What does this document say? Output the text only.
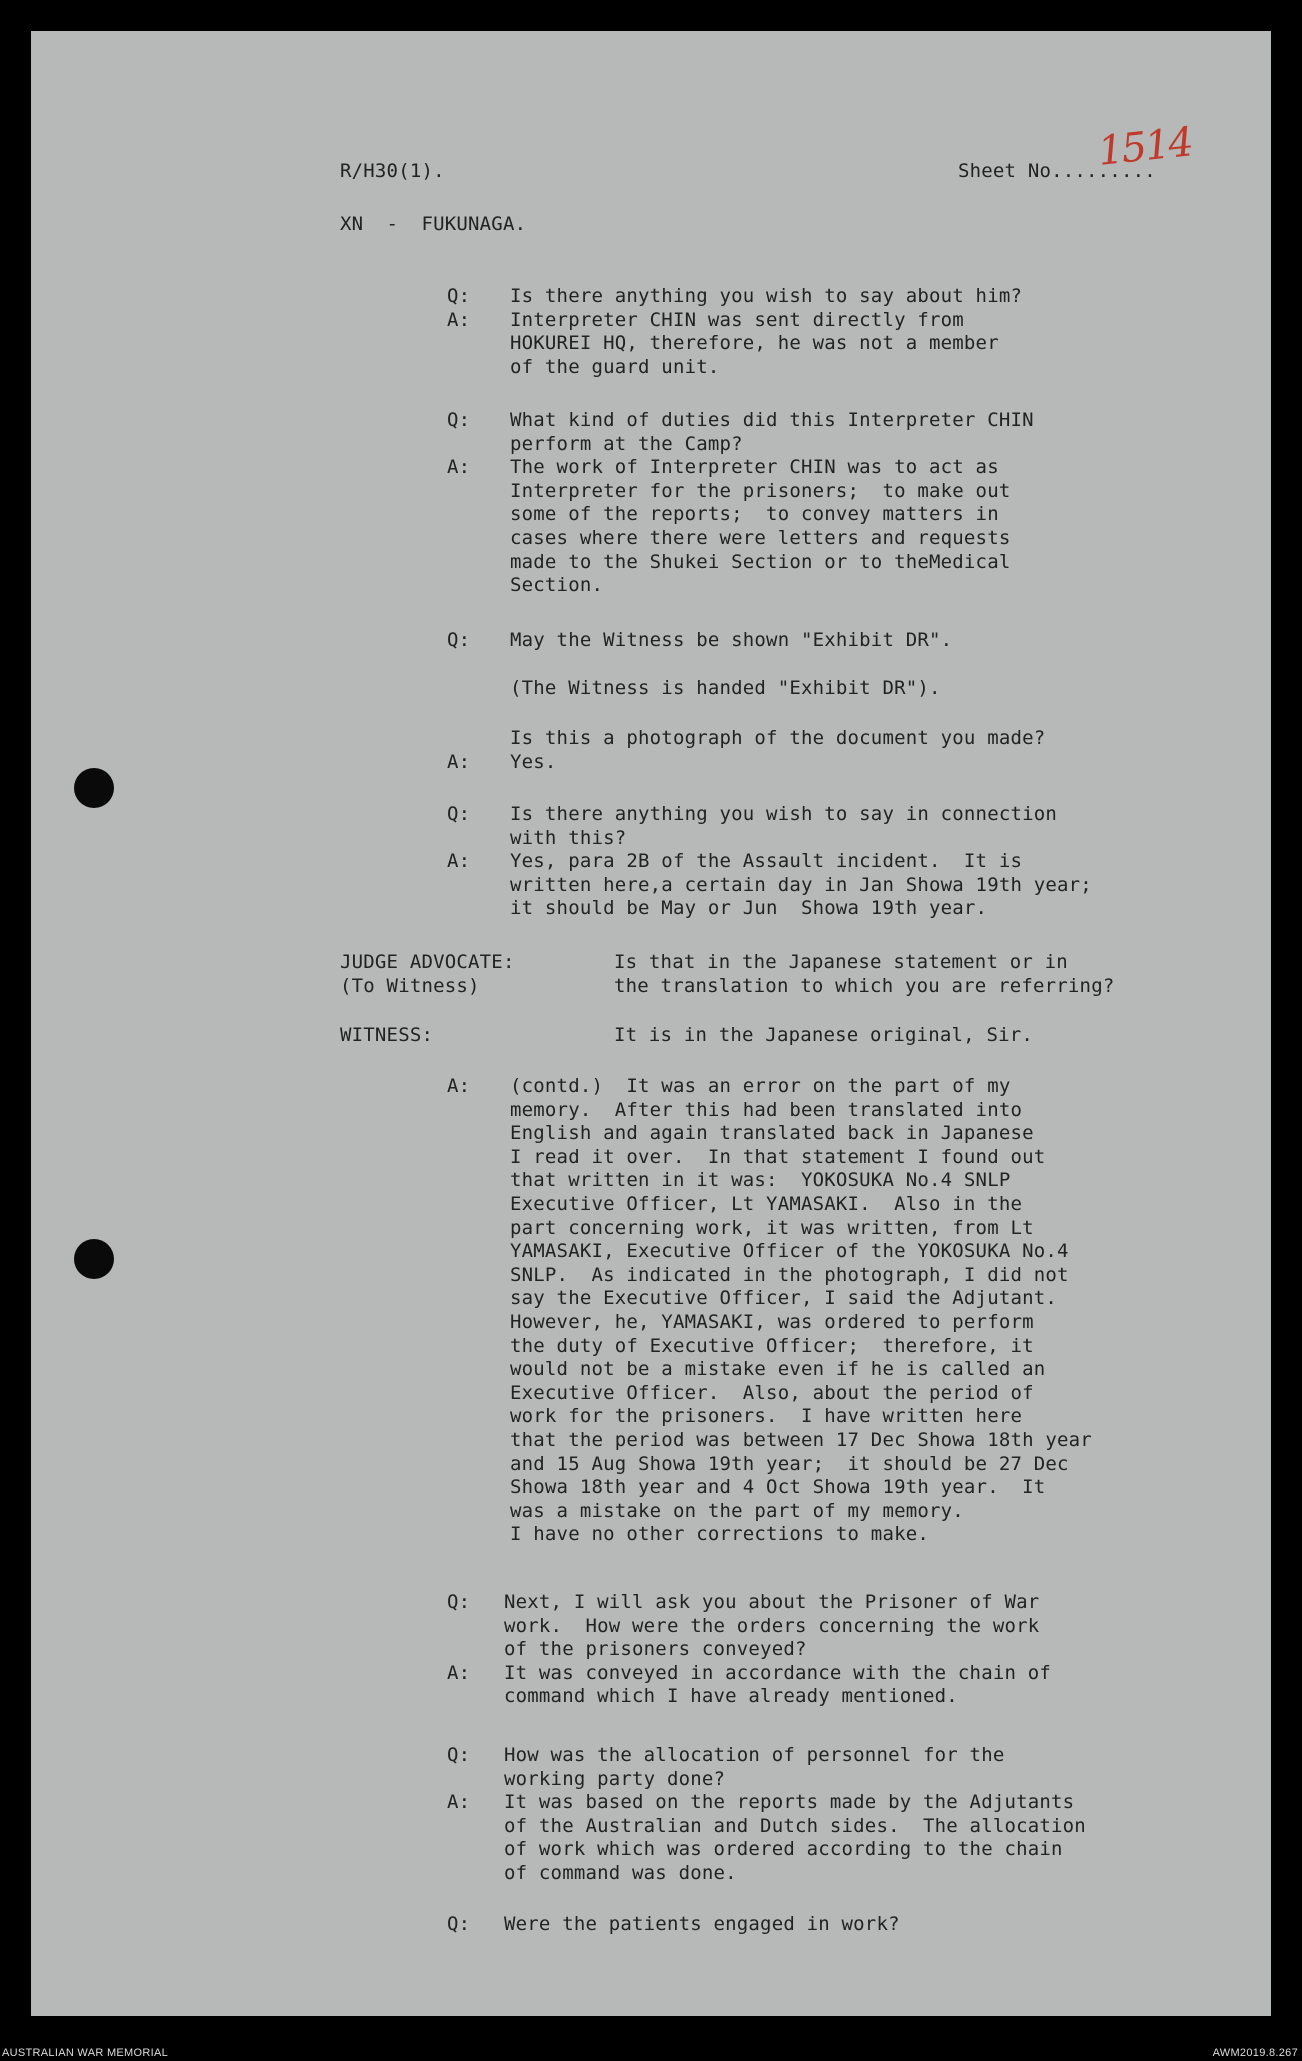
R/H30(1).	Sheet No.........

1514

XN  -  FUKUNAGA.

Q:
A:

Is there anything you wish to say about him?
Interpreter CHIN was sent directly from
HOKUREI HQ, therefore, he was not a member
of the guard unit.

Q:

A:

What kind of duties did this Interpreter CHIN
perform at the Camp?
The work of Interpreter CHIN was to act as
Interpreter for the prisoners;  to make out
some of the reports;  to convey matters in
cases where there were letters and requests
made to the Shukei Section or to theMedical
Section.

Q: May the Witness be shown "Exhibit DR".

(The Witness is handed "Exhibit DR").

Is this a photograph of the document you made?

A: Yes.

Q:

A:

Is there anything you wish to say in connection
with this?
Yes, para 2B of the Assault incident.  It is
written here,a certain day in Jan Showa 19th year;
it should be May or Jun  Showa 19th year.

JUDGE ADVOCATE:
(To Witness)

Is that in the Japanese statement or in
the translation to which you are referring?

WITNESS:	It is in the Japanese original, Sir.

A: (contd.)  It was an error on the part of my
memory.  After this had been translated into
English and again translated back in Japanese
I read it over.  In that statement I found out
that written in it was:  YOKOSUKA No.4 SNLP
Executive Officer, Lt YAMASAKI.  Also in the
part concerning work, it was written, from Lt
YAMASAKI, Executive Officer of the YOKOSUKA No.4
SNLP.  As indicated in the photograph, I did not
say the Executive Officer, I said the Adjutant.
However, he, YAMASAKI, was ordered to perform
the duty of Executive Officer;  therefore, it
would not be a mistake even if he is called an
Executive Officer.  Also, about the period of
work for the prisoners.  I have written here
that the period was between 17 Dec Showa 18th year
and 15 Aug Showa 19th year;  it should be 27 Dec
Showa 18th year and 4 Oct Showa 19th year.  It
was a mistake on the part of my memory.
I have no other corrections to make.

Q:

A:

Next, I will ask you about the Prisoner of War
work.  How were the orders concerning the work
of the prisoners conveyed?
It was conveyed in accordance with the chain of
command which I have already mentioned.

Q:

A:

How was the allocation of personnel for the
working party done?
It was based on the reports made by the Adjutants
of the Australian and Dutch sides.  The allocation
of work which was ordered according to the chain
of command was done.

Q: Were the patients engaged in work?

AUSTRALIAN WAR MEMORIAL	AWM2019.8.267
